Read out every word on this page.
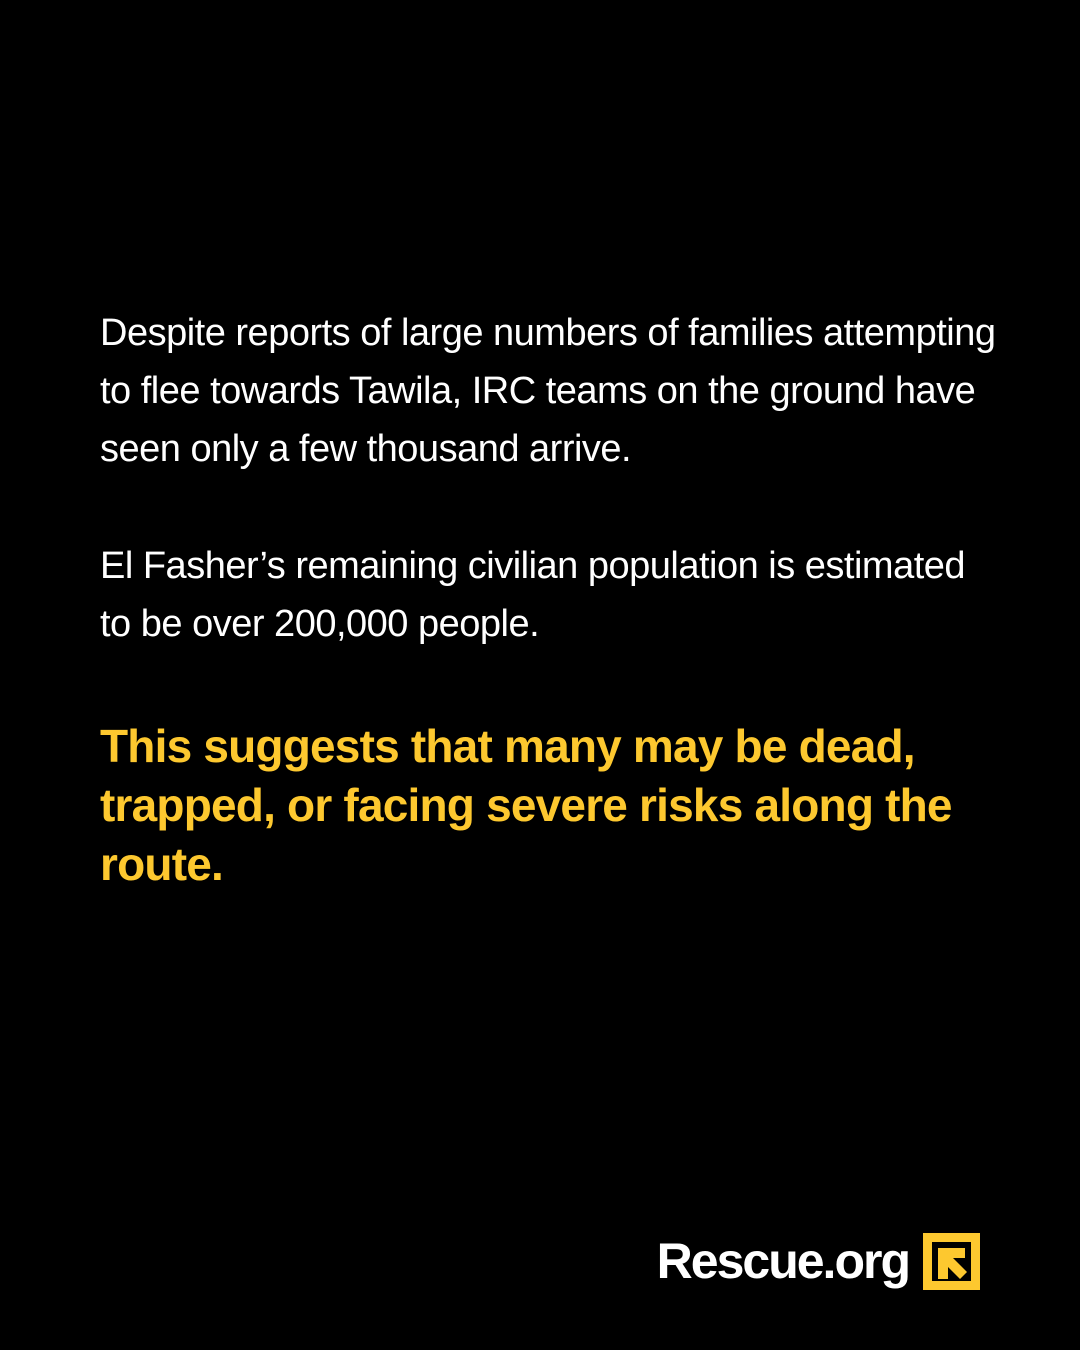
Despite reports of large numbers of families attempting to flee towards Tawila, IRC teams on the ground have seen only a few thousand arrive.

El Fasher’s remaining civilian population is estimated to be over 200,000 people.

This suggests that many may be dead, trapped, or facing severe risks along the route.

Rescue.org
